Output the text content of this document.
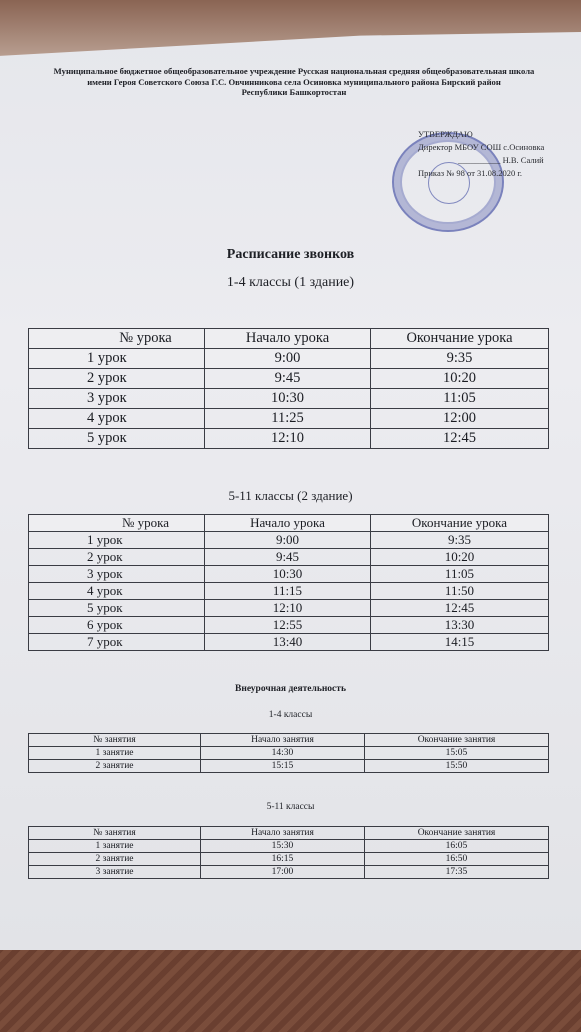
Муниципальное бюджетное общеобразовательное учреждение Русская национальная средняя общеобразовательная школа
имени Героя Советского Союза Г.С. Овчинникова села Осиновка муниципального района Бирский район
Республики Башкортостан
УТВЕРЖДАЮ
Директор МБОУ СОШ с.Осиновка
__________ Н.В. Салий
Приказ № 98 от 31.08.2020 г.
Расписание звонков
1-4 классы (1 здание)
№ урока	Начало урока	Окончание урока
1 урок	9:00	9:35
2 урок	9:45	10:20
3 урок	10:30	11:05
4 урок	11:25	12:00
5 урок	12:10	12:45
5-11 классы (2 здание)
№ урока	Начало урока	Окончание урока
1 урок	9:00	9:35
2 урок	9:45	10:20
3 урок	10:30	11:05
4 урок	11:15	11:50
5 урок	12:10	12:45
6 урок	12:55	13:30
7 урок	13:40	14:15
Внеурочная деятельность
1-4 классы
№ занятия	Начало занятия	Окончание занятия
1 занятие	14:30	15:05
2 занятие	15:15	15:50
5-11 классы
№ занятия	Начало занятия	Окончание занятия
1 занятие	15:30	16:05
2 занятие	16:15	16:50
3 занятие	17:00	17:35
